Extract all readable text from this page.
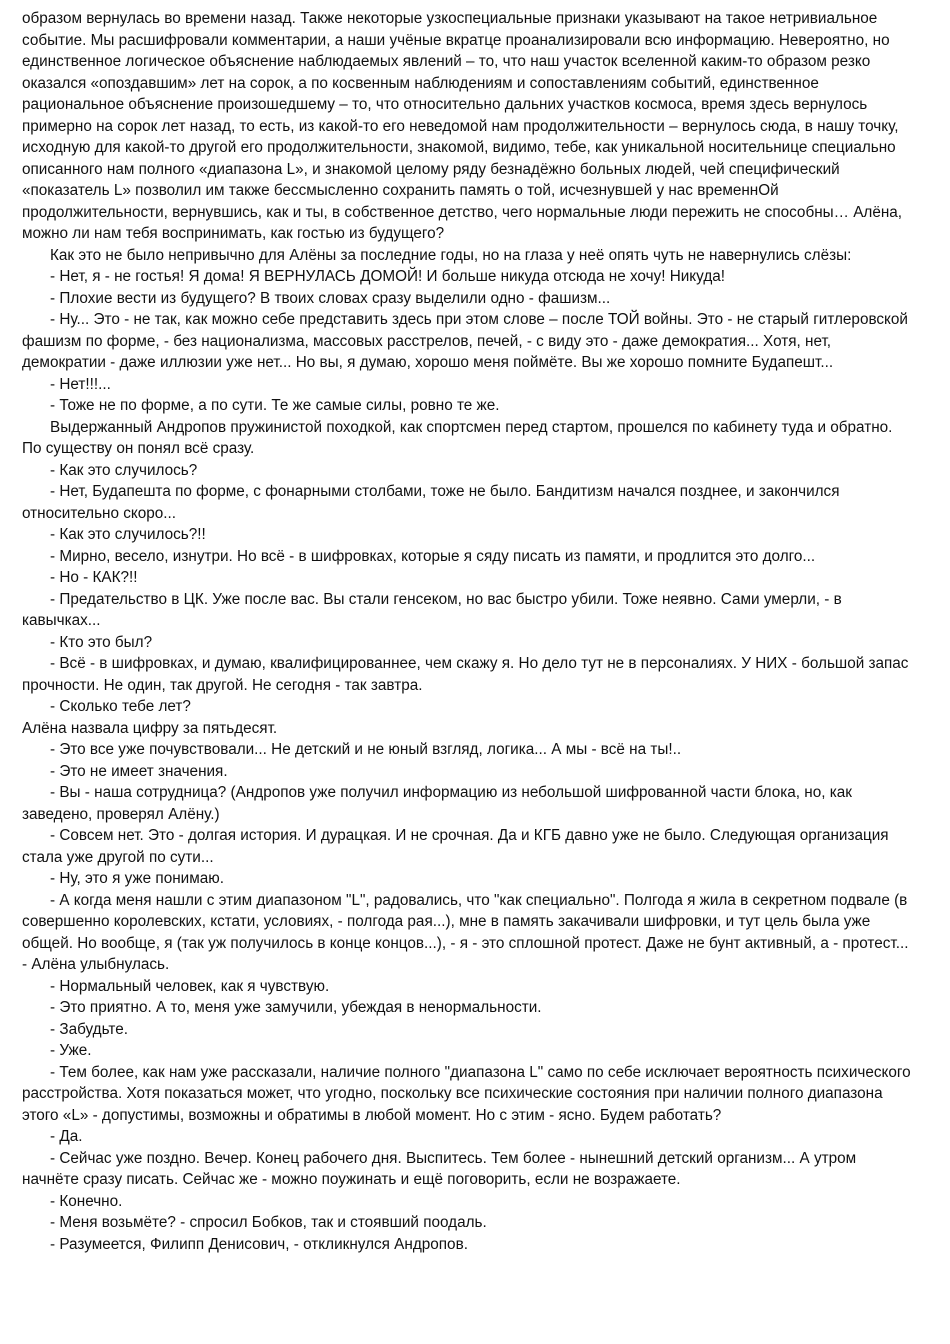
образом вернулась во времени назад. Также некоторые узкоспециальные признаки указывают на такое нетривиальное событие. Мы расшифровали комментарии, а наши учёные вкратце проанализировали всю информацию. Невероятно, но единственное логическое объяснение наблюдаемых явлений – то, что наш участок вселенной каким-то образом резко оказался «опоздавшим» лет на сорок, а по косвенным наблюдениям и сопоставлениям событий, единственное рациональное объяснение произошедшему – то, что относительно дальних участков космоса, время здесь вернулось примерно на сорок лет назад, то есть, из какой-то его неведомой нам продолжительности – вернулось сюда, в нашу точку, исходную для какой-то другой его продолжительности, знакомой, видимо, тебе, как уникальной носительнице специально описанного нам полного «диапазона L», и знакомой целому ряду безнадёжно больных людей, чей специфический «показатель L» позволил им также бессмысленно сохранить память о той, исчезнувшей у нас временнОй продолжительности, вернувшись, как и ты, в собственное детство, чего нормальные люди пережить не способны… Алёна, можно ли нам тебя воспринимать, как гостью из будущего?

Как это не было непривычно для Алёны за последние годы, но на глаза у неё опять чуть не навернулись слёзы:

- Нет, я - не гостья! Я дома! Я ВЕРНУЛАСЬ ДОМОЙ! И больше никуда отсюда не хочу! Никуда!

- Плохие вести из будущего? В твоих словах сразу выделили одно - фашизм...

- Ну... Это - не так, как можно себе представить здесь при этом слове – после ТОЙ войны. Это - не старый гитлеровской фашизм по форме, - без национализма, массовых расстрелов, печей, - с виду это - даже демократия... Хотя, нет, демократии - даже иллюзии уже нет... Но вы, я думаю, хорошо меня поймёте. Вы же хорошо помните Будапешт...

- Нет!!!...

- Тоже не по форме, а по сути. Те же самые силы, ровно те же.

Выдержанный Андропов пружинистой походкой, как спортсмен перед стартом, прошелся по кабинету туда и обратно. По существу он понял всё сразу.

- Как это случилось?

- Нет, Будапешта по форме, с фонарными столбами, тоже не было. Бандитизм начался позднее, и закончился относительно скоро...

- Как это случилось?!!

- Мирно, весело, изнутри. Но всё - в шифровках, которые я сяду писать из памяти, и продлится это долго...

- Но - КАК?!!

- Предательство в ЦК. Уже после вас. Вы стали генсеком, но вас быстро убили. Тоже неявно. Сами умерли, - в кавычках...

- Кто это был?

- Всё - в шифровках, и думаю, квалифицированнее, чем скажу я. Но дело тут не в персоналиях. У НИХ - большой запас прочности. Не один, так другой. Не сегодня - так завтра.

- Сколько тебе лет?

Алёна назвала цифру за пятьдесят.

- Это все уже почувствовали... Не детский и не юный взгляд, логика... А мы - всё на ты!..

- Это не имеет значения.

- Вы - наша сотрудница? (Андропов уже получил информацию из небольшой шифрованной части блока, но, как заведено, проверял Алёну.)

- Совсем нет. Это - долгая история. И дурацкая. И не срочная. Да и КГБ давно уже не было. Следующая организация стала уже другой по сути...

- Ну, это я уже понимаю.

- А когда меня нашли с этим диапазоном "L", радовались, что "как специально". Полгода я жила в секретном подвале (в совершенно королевских, кстати, условиях, - полгода рая...), мне в память закачивали шифровки, и тут цель была уже общей. Но вообще, я (так уж получилось в конце концов...), - я - это сплошной протест. Даже не бунт активный, а - протест... - Алёна улыбнулась.

- Нормальный человек, как я чувствую.

- Это приятно. А то, меня уже замучили, убеждая в ненормальности.

- Забудьте.

- Уже.

- Тем более, как нам уже рассказали, наличие полного "диапазона L" само по себе исключает вероятность психического расстройства. Хотя показаться может, что угодно, поскольку все психические состояния при наличии полного диапазона этого «L» - допустимы, возможны и обратимы в любой момент. Но с этим - ясно. Будем работать?

- Да.

- Сейчас уже поздно. Вечер. Конец рабочего дня. Выспитесь. Тем более - нынешний детский организм... А утром начнёте сразу писать. Сейчас же - можно поужинать и ещё поговорить, если не возражаете.

- Конечно.

- Меня возьмёте? - спросил Бобков, так и стоявший поодаль.

- Разумеется, Филипп Денисович, - откликнулся Андропов.
